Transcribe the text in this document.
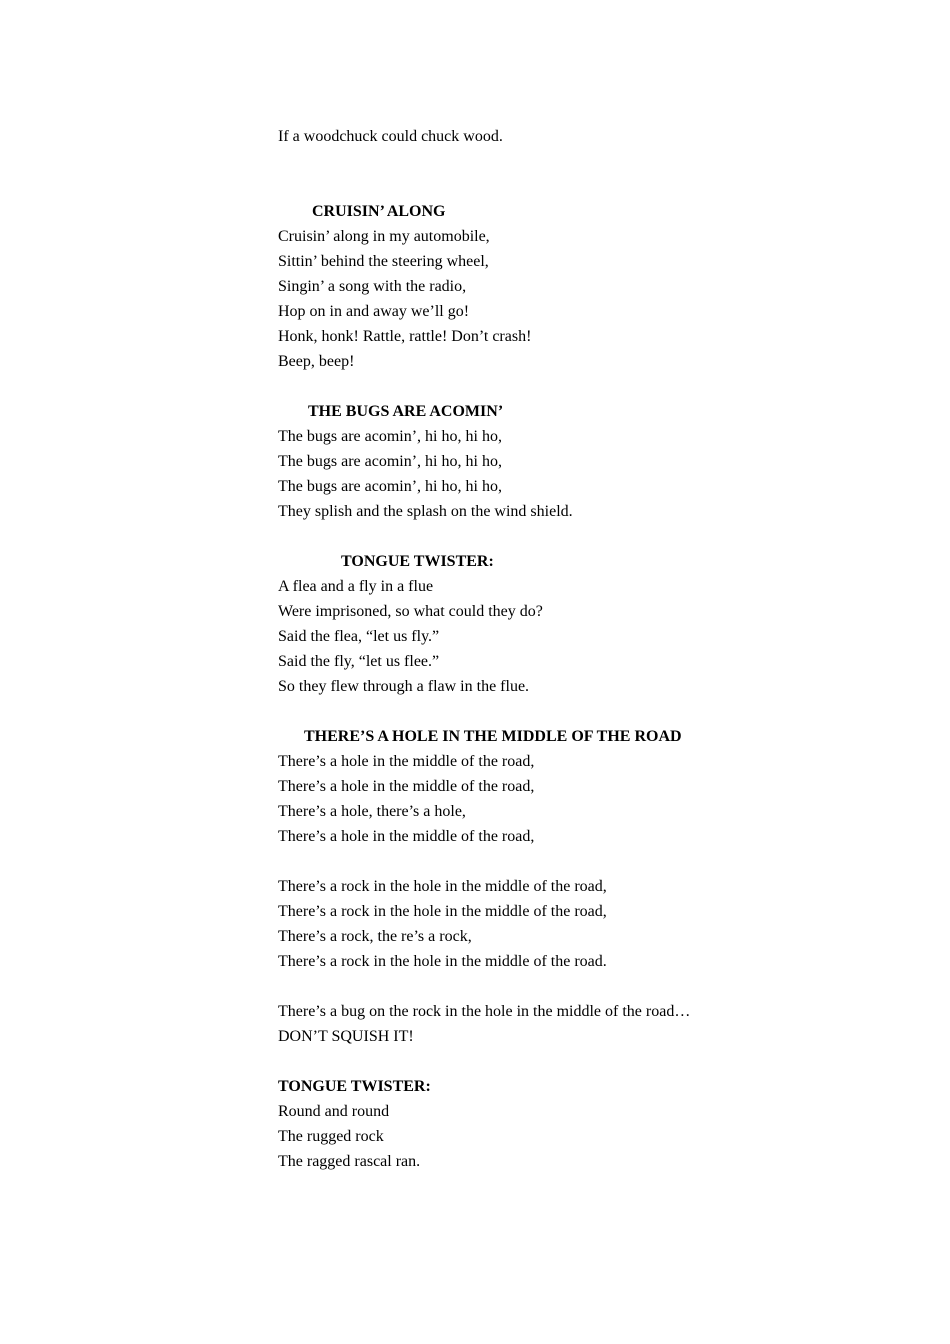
If a woodchuck could chuck wood.
CRUISIN’ ALONG
Cruisin’ along in my automobile,
Sittin’ behind the steering wheel,
Singin’ a song with the radio,
Hop on in and away we’ll go!
Honk, honk! Rattle, rattle! Don’t crash!
Beep, beep!
THE BUGS ARE ACOMIN’
The bugs are acomin’, hi ho, hi ho,
The bugs are acomin’, hi ho, hi ho,
The bugs are acomin’, hi ho, hi ho,
They splish and the splash on the wind shield.
TONGUE TWISTER:
A flea and a fly in a flue
Were imprisoned, so what could they do?
Said the flea, “let us fly.”
Said the fly, “let us flee.”
So they flew through a flaw in the flue.
THERE’S A HOLE IN THE MIDDLE OF THE ROAD
There’s a hole in the middle of the road,
There’s a hole in the middle of the road,
There’s a hole, there’s a hole,
There’s a hole in the middle of the road,
There’s a rock in the hole in the middle of the road,
There’s a rock in the hole in the middle of the road,
There’s a rock, the re’s a rock,
There’s a rock in the hole in the middle of the road.
There’s a bug on the rock in the hole in the middle of the road…
DON’T SQUISH IT!
TONGUE TWISTER:
Round and round
The rugged rock
The ragged rascal ran.
